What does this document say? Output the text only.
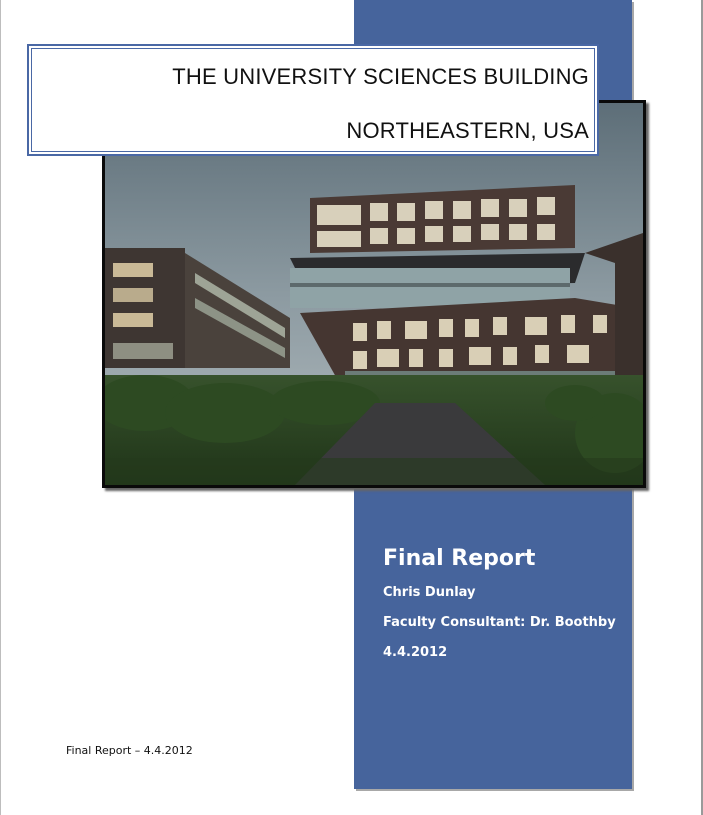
THE UNIVERSITY SCIENCES BUILDING
NORTHEASTERN, USA
Final Report
Chris Dunlay
Faculty Consultant: Dr. Boothby
4.4.2012
Final Report – 4.4.2012
